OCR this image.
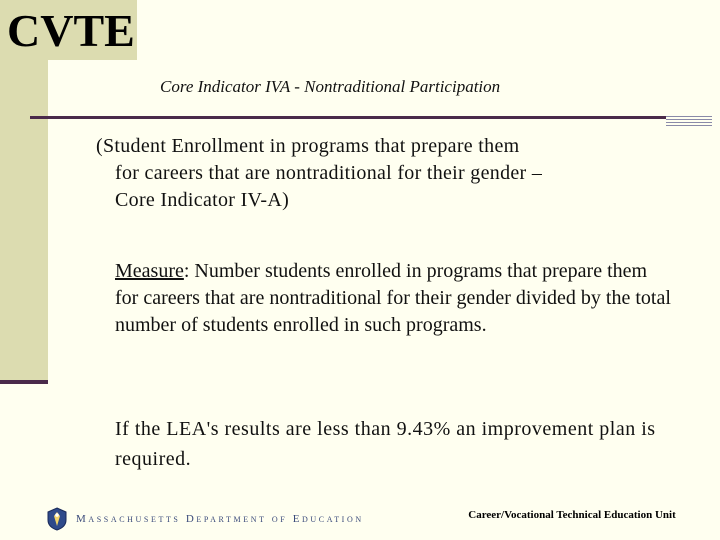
CVTE
Core Indicator IVA - Nontraditional Participation
(Student Enrollment in programs that prepare them
for careers that are nontraditional for their gender –
Core Indicator IV-A)
Measure: Number students enrolled in programs that prepare them for careers that are nontraditional for their gender divided by the total number of students enrolled in such programs.
If the LEA's results are less than 9.43% an improvement plan is required.
Massachusetts Department of Education	Career/Vocational Technical Education Unit
